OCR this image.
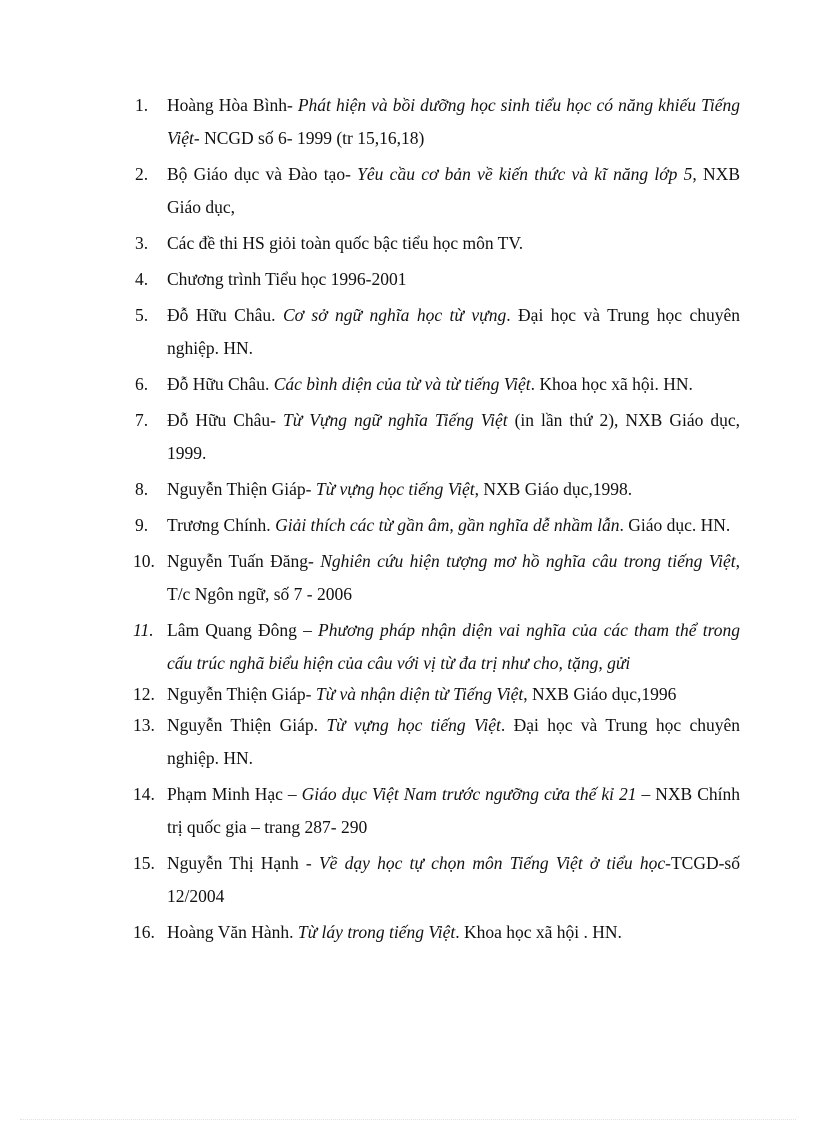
1. Hoàng Hòa Bình- Phát hiện và bồi dưỡng học sinh tiểu học có năng khiếu Tiếng Việt- NCGD số 6- 1999 (tr 15,16,18)
2. Bộ Giáo dục và Đào tạo- Yêu cầu cơ bản về kiến thức và kĩ năng lớp 5, NXB Giáo dục,
3. Các đề thi HS giỏi toàn quốc bậc tiểu học môn TV.
4. Chương trình Tiểu học 1996-2001
5. Đỗ Hữu Châu. Cơ sở ngữ nghĩa học từ vựng. Đại học và Trung học chuyên nghiệp. HN.
6. Đỗ Hữu Châu. Các bình diện của từ và từ tiếng Việt. Khoa học xã hội. HN.
7. Đỗ Hữu Châu- Từ Vựng ngữ nghĩa Tiếng Việt (in lần thứ 2), NXB Giáo dục, 1999.
8. Nguyễn Thiện Giáp- Từ vựng học tiếng Việt, NXB Giáo dục,1998.
9. Trương Chính. Giải thích các từ gần âm, gần nghĩa dễ nhầm lẫn. Giáo dục. HN.
10. Nguyễn Tuấn Đăng- Nghiên cứu hiện tượng mơ hồ nghĩa câu trong tiếng Việt, T/c Ngôn ngữ, số 7 - 2006
11. Lâm Quang Đông – Phương pháp nhận diện vai nghĩa của các tham thể trong cấu trúc nghã biểu hiện của câu với vị từ đa trị như cho, tặng, gửi
12. Nguyễn Thiện Giáp- Từ và nhận diện từ Tiếng Việt, NXB Giáo dục,1996
13. Nguyễn Thiện Giáp. Từ vựng học tiếng Việt. Đại học và Trung học chuyên nghiệp. HN.
14. Phạm Minh Hạc – Giáo dục Việt Nam trước ngưỡng cửa thế kỉ 21 – NXB Chính trị quốc gia – trang 287- 290
15. Nguyễn Thị Hạnh - Về dạy học tự chọn môn Tiếng Việt ở tiểu học-TCGD-số 12/2004
16. Hoàng Văn Hành. Từ láy trong tiếng Việt. Khoa học xã hội . HN.
